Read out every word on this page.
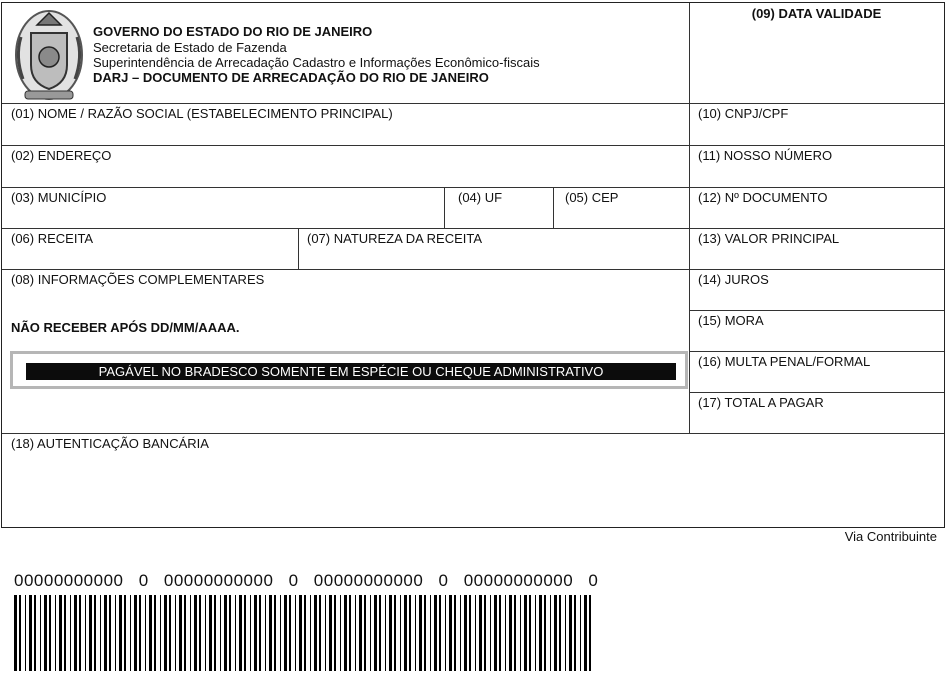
GOVERNO DO ESTADO DO RIO DE JANEIRO
Secretaria de Estado de Fazenda
Superintendência de Arrecadação Cadastro e Informações Econômico-fiscais
DARJ – DOCUMENTO DE ARRECADAÇÃO DO RIO DE JANEIRO
(09) DATA VALIDADE
(01) NOME / RAZÃO SOCIAL (ESTABELECIMENTO PRINCIPAL)	(10) CNPJ/CPF
(02) ENDEREÇO	(11) NOSSO NÚMERO
(03) MUNICÍPIO	(04) UF	(05) CEP	(12) Nº DOCUMENTO
(06) RECEITA	(07) NATUREZA DA RECEITA	(13) VALOR PRINCIPAL
(08) INFORMAÇÕES COMPLEMENTARES	(14) JUROS
(15) MORA
(16) MULTA PENAL/FORMAL
(17) TOTAL A PAGAR
NÃO RECEBER APÓS DD/MM/AAAA.
PAGÁVEL NO BRADESCO SOMENTE EM ESPÉCIE OU CHEQUE ADMINISTRATIVO
(18) AUTENTICAÇÃO BANCÁRIA
Via Contribuinte
00000000000 0 00000000000 0 00000000000 0 00000000000 0
